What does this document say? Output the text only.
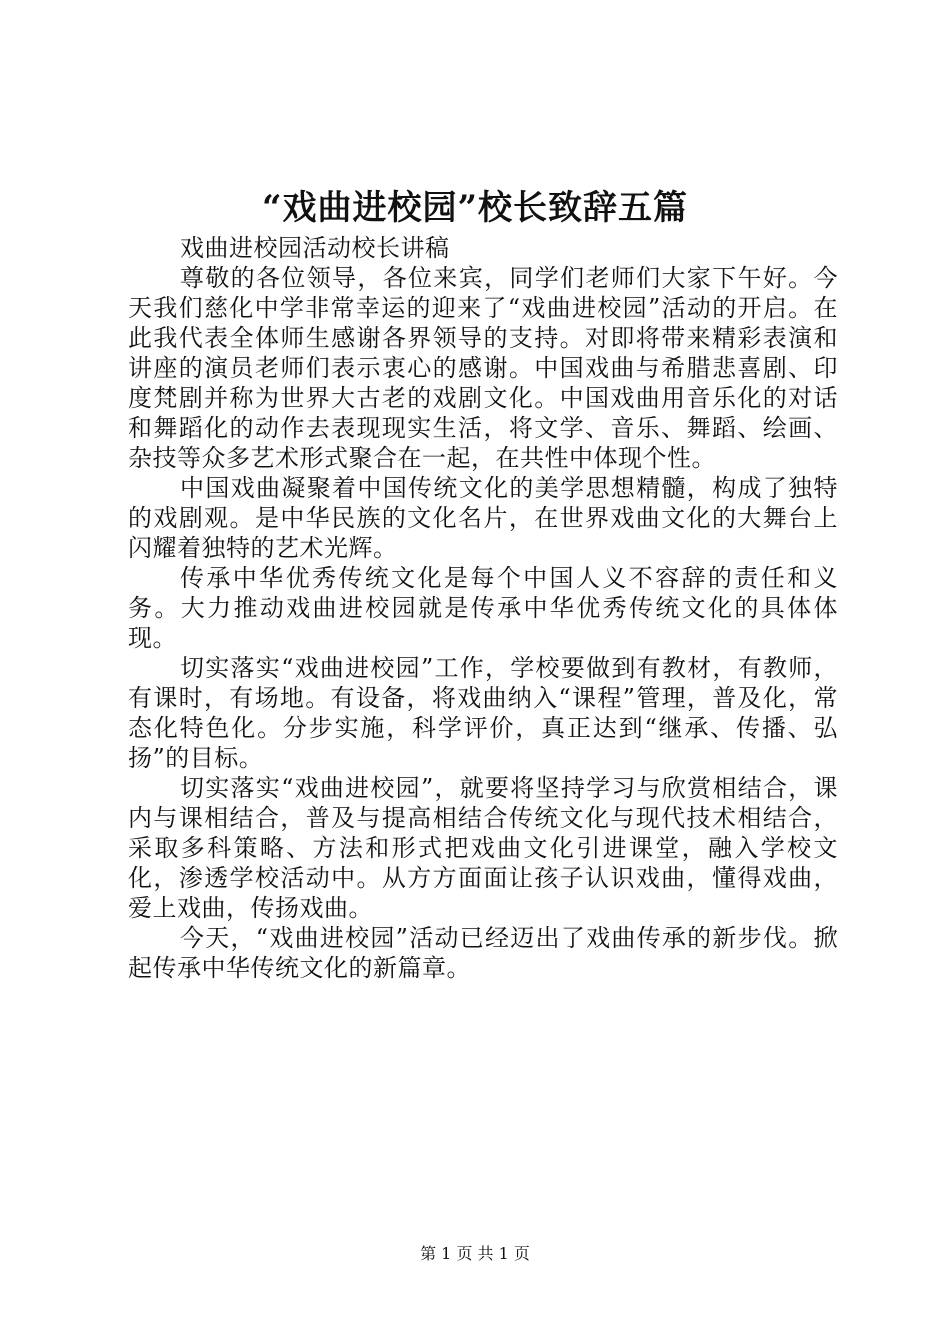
“戏曲进校园”校长致辞五篇

戏曲进校园活动校长讲稿

尊敬的各位领导，各位来宾，同学们老师们大家下午好。今天我们慈化中学非常幸运的迎来了“戏曲进校园”活动的开启。在此我代表全体师生感谢各界领导的支持。对即将带来精彩表演和讲座的演员老师们表示衷心的感谢。中国戏曲与希腊悲喜剧、印度梵剧并称为世界大古老的戏剧文化。中国戏曲用音乐化的对话和舞蹈化的动作去表现现实生活，将文学、音乐、舞蹈、绘画、杂技等众多艺术形式聚合在一起，在共性中体现个性。

中国戏曲凝聚着中国传统文化的美学思想精髓，构成了独特的戏剧观。是中华民族的文化名片，在世界戏曲文化的大舞台上闪耀着独特的艺术光辉。

传承中华优秀传统文化是每个中国人义不容辞的责任和义务。大力推动戏曲进校园就是传承中华优秀传统文化的具体体现。

切实落实“戏曲进校园”工作，学校要做到有教材，有教师，有课时，有场地。有设备，将戏曲纳入“课程”管理，普及化，常态化特色化。分步实施，科学评价，真正达到“继承、传播、弘扬”的目标。

切实落实“戏曲进校园”，就要将坚持学习与欣赏相结合，课内与课相结合，普及与提高相结合传统文化与现代技术相结合，采取多科策略、方法和形式把戏曲文化引进课堂，融入学校文化，渗透学校活动中。从方方面面让孩子认识戏曲，懂得戏曲，爱上戏曲，传扬戏曲。

今天，“戏曲进校园”活动已经迈出了戏曲传承的新步伐。掀起传承中华传统文化的新篇章。

第 1 页 共 1 页
